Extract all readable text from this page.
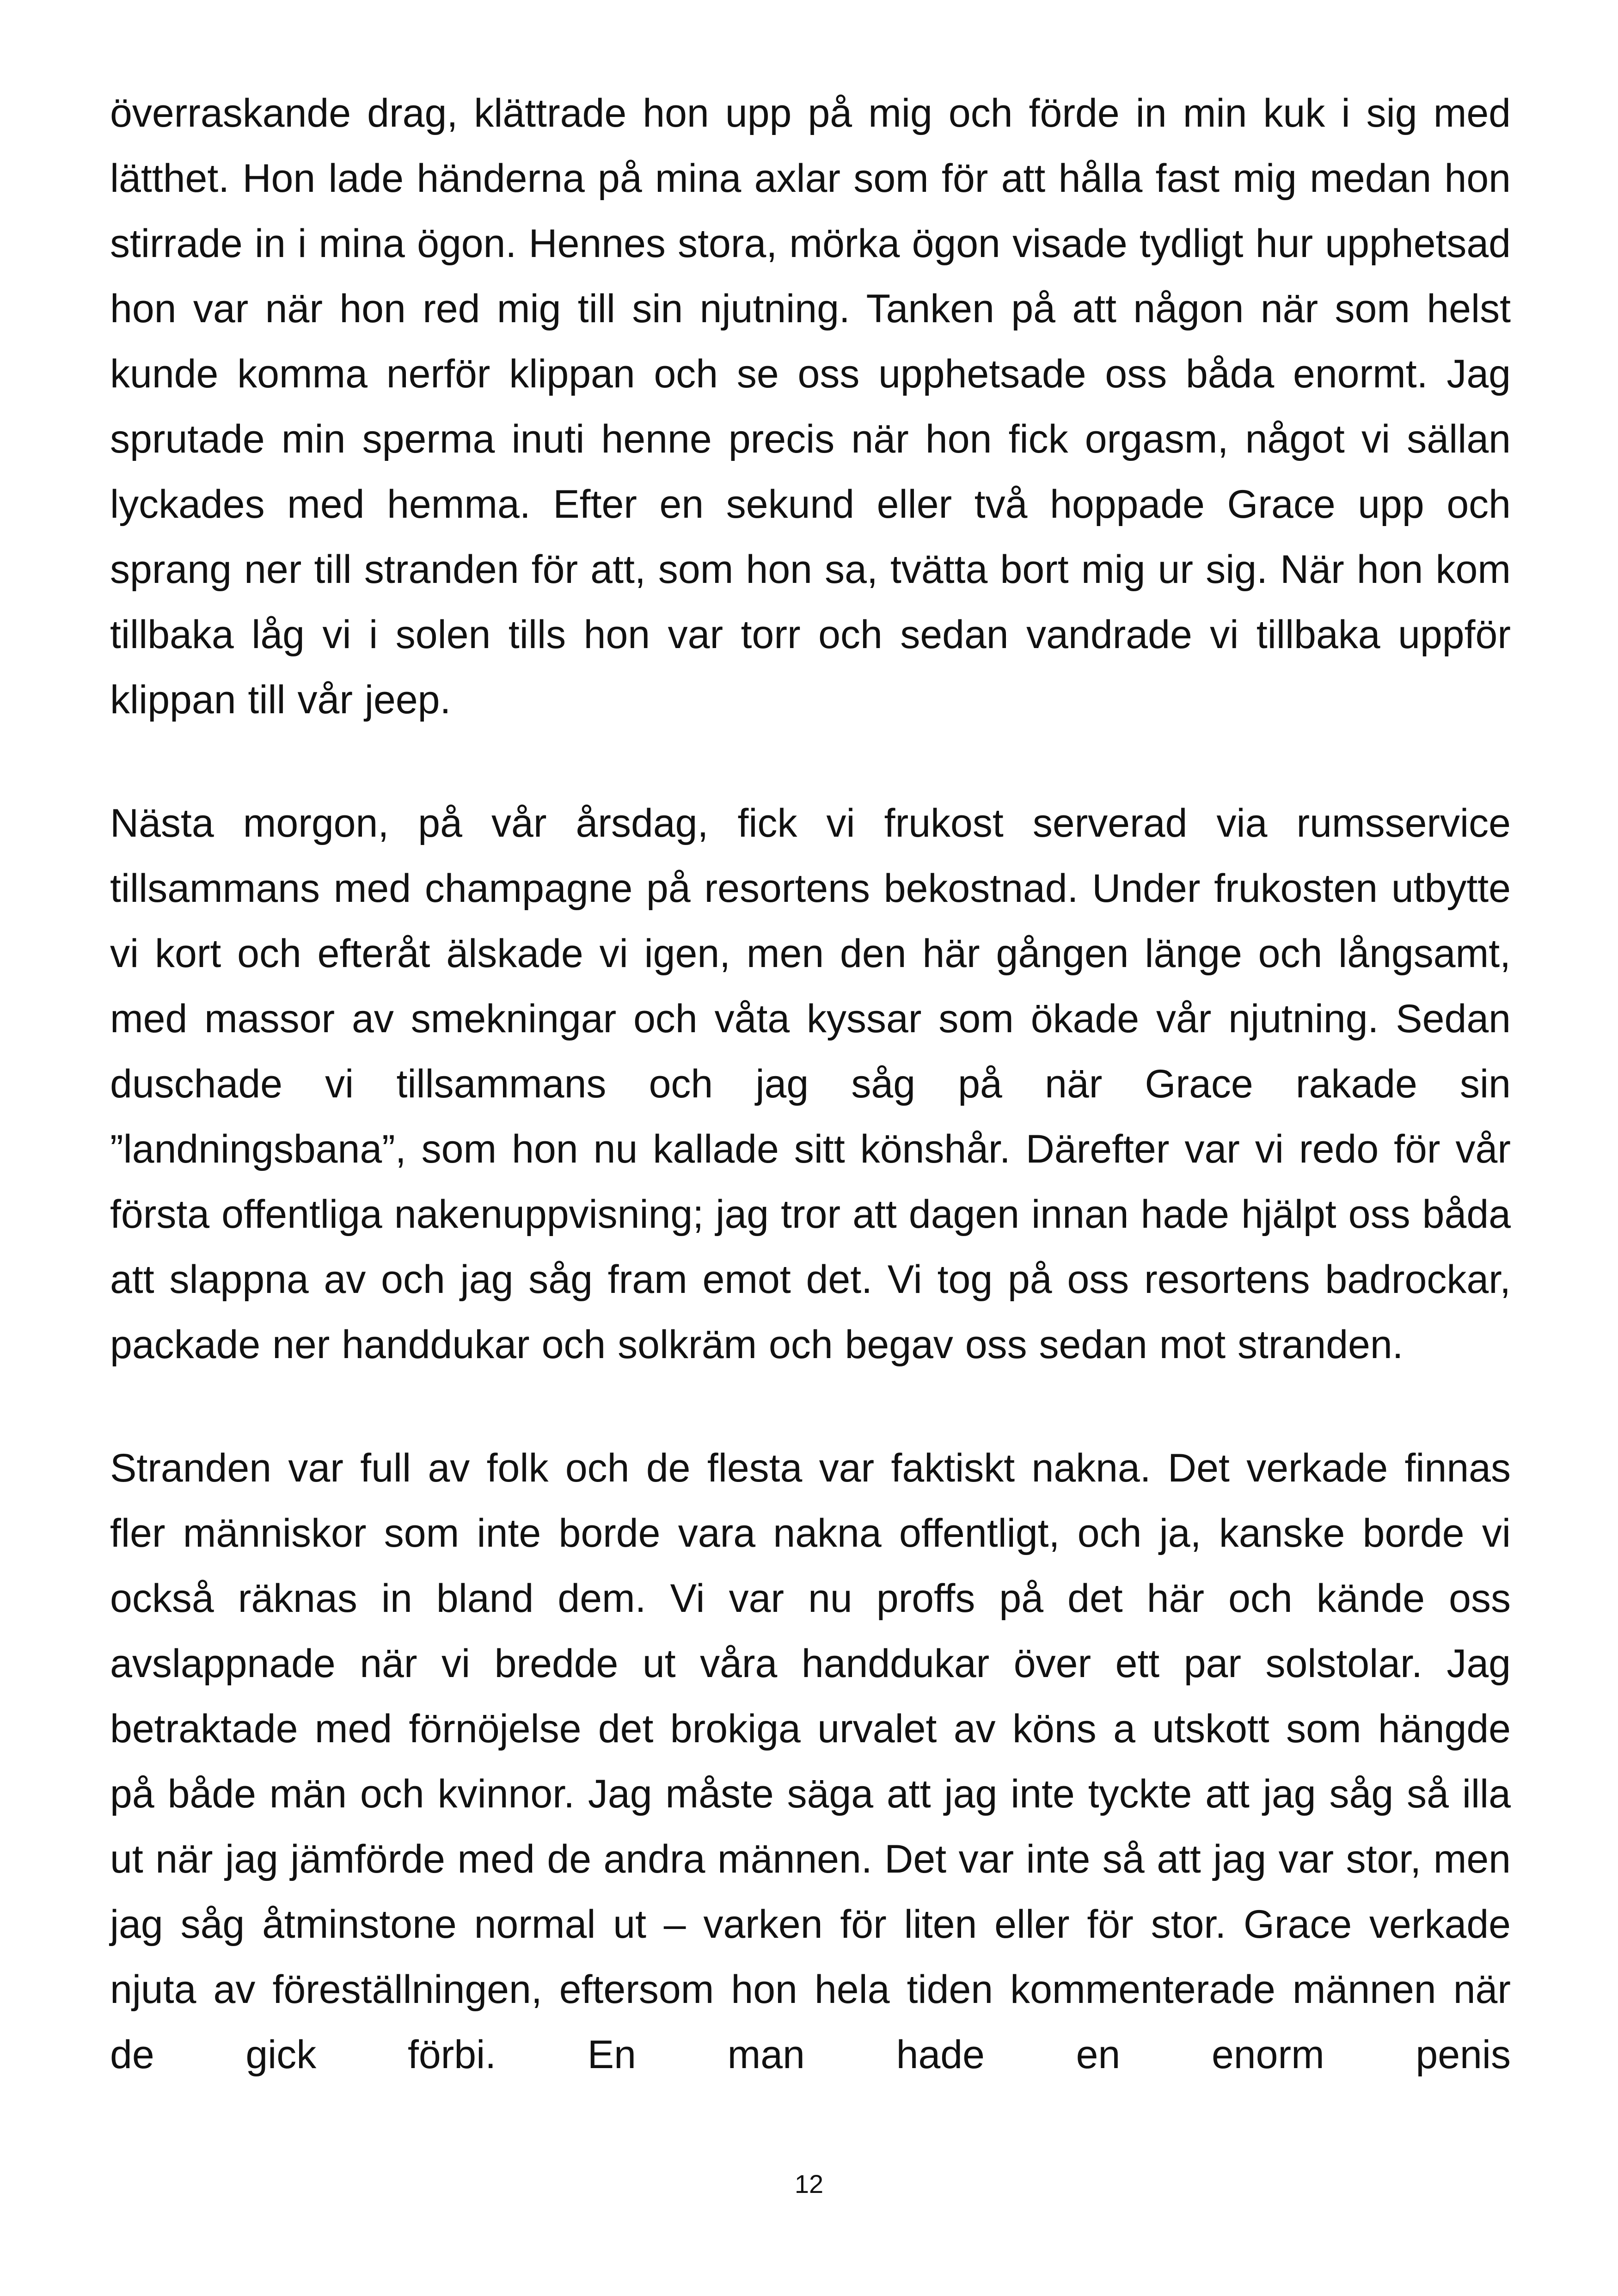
överraskande drag, klättrade hon upp på mig och förde in min kuk i sig med lätthet. Hon lade händerna på mina axlar som för att hålla fast mig medan hon stirrade in i mina ögon. Hennes stora, mörka ögon visade tydligt hur upphetsad hon var när hon red mig till sin njutning. Tanken på att någon när som helst kunde komma nerför klippan och se oss upphetsade oss båda enormt. Jag sprutade min sperma inuti henne precis när hon fick orgasm, något vi sällan lyckades med hemma. Efter en sekund eller två hoppade Grace upp och sprang ner till stranden för att, som hon sa, tvätta bort mig ur sig. När hon kom tillbaka låg vi i solen tills hon var torr och sedan vandrade vi tillbaka uppför klippan till vår jeep.

Nästa morgon, på vår årsdag, fick vi frukost serverad via rumsservice tillsammans med champagne på resortens bekostnad. Under frukosten utbytte vi kort och efteråt älskade vi igen, men den här gången länge och långsamt, med massor av smekningar och våta kyssar som ökade vår njutning. Sedan duschade vi tillsammans och jag såg på när Grace rakade sin ”landningsbana”, som hon nu kallade sitt könshår. Därefter var vi redo för vår första offentliga nakenuppvisning; jag tror att dagen innan hade hjälpt oss båda att slappna av och jag såg fram emot det. Vi tog på oss resortens badrockar, packade ner handdukar och solkräm och begav oss sedan mot stranden.

Stranden var full av folk och de flesta var faktiskt nakna. Det verkade finnas fler människor som inte borde vara nakna offentligt, och ja, kanske borde vi också räknas in bland dem. Vi var nu proffs på det här och kände oss avslappnade när vi bredde ut våra handdukar över ett par solstolar. Jag betraktade med förnöjelse det brokiga urvalet av köns a utskott som hängde på både män och kvinnor. Jag måste säga att jag inte tyckte att jag såg så illa ut när jag jämförde med de andra männen. Det var inte så att jag var stor, men jag såg åtminstone normal ut – varken för liten eller för stor. Grace verkade njuta av föreställningen, eftersom hon hela tiden kommenterade männen när de gick förbi. En man hade en enorm penis

12
